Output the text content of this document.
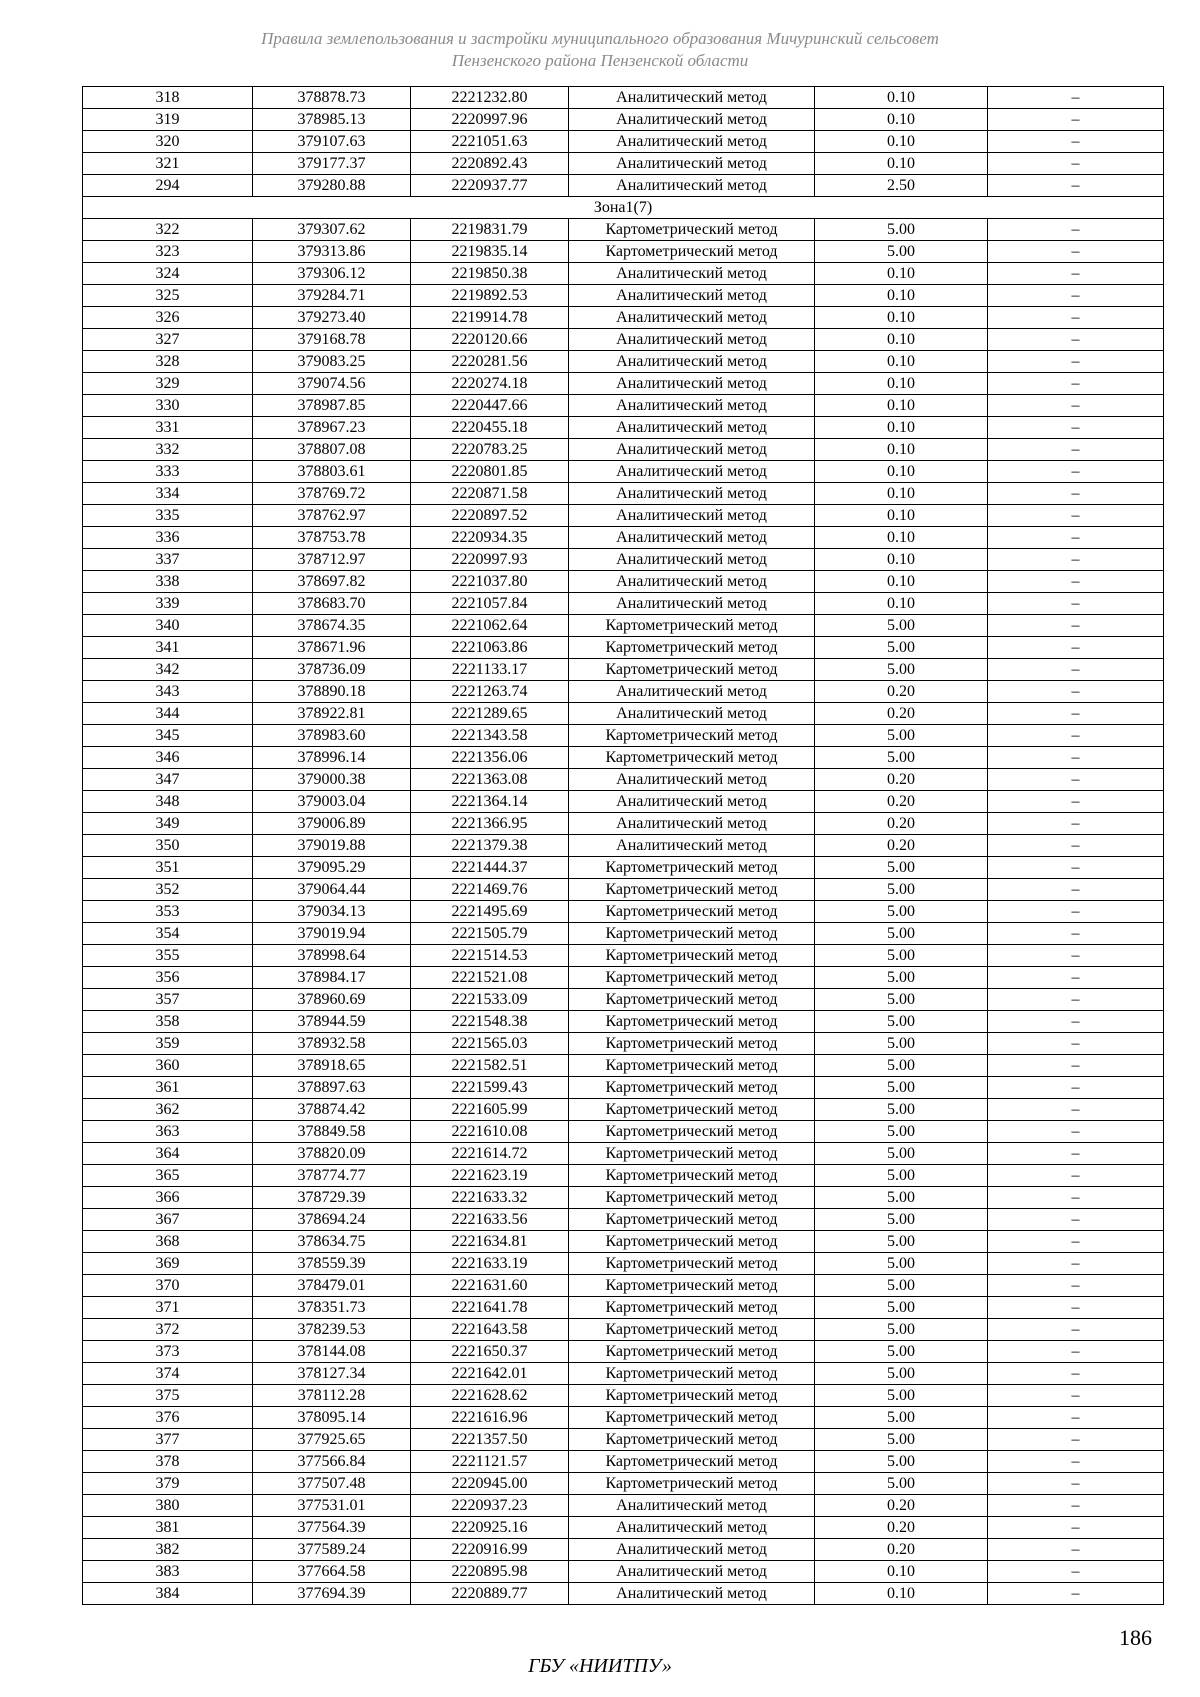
Правила землепользования и застройки муниципального образования Мичуринский сельсовет
Пензенского района Пензенской области
318	378878.73	2221232.80	Аналитический метод	0.10	–
319	378985.13	2220997.96	Аналитический метод	0.10	–
320	379107.63	2221051.63	Аналитический метод	0.10	–
321	379177.37	2220892.43	Аналитический метод	0.10	–
294	379280.88	2220937.77	Аналитический метод	2.50	–
Зона1(7)					
322	379307.62	2219831.79	Картометрический метод	5.00	–
323	379313.86	2219835.14	Картометрический метод	5.00	–
324	379306.12	2219850.38	Аналитический метод	0.10	–
325	379284.71	2219892.53	Аналитический метод	0.10	–
326	379273.40	2219914.78	Аналитический метод	0.10	–
327	379168.78	2220120.66	Аналитический метод	0.10	–
328	379083.25	2220281.56	Аналитический метод	0.10	–
329	379074.56	2220274.18	Аналитический метод	0.10	–
330	378987.85	2220447.66	Аналитический метод	0.10	–
331	378967.23	2220455.18	Аналитический метод	0.10	–
332	378807.08	2220783.25	Аналитический метод	0.10	–
333	378803.61	2220801.85	Аналитический метод	0.10	–
334	378769.72	2220871.58	Аналитический метод	0.10	–
335	378762.97	2220897.52	Аналитический метод	0.10	–
336	378753.78	2220934.35	Аналитический метод	0.10	–
337	378712.97	2220997.93	Аналитический метод	0.10	–
338	378697.82	2221037.80	Аналитический метод	0.10	–
339	378683.70	2221057.84	Аналитический метод	0.10	–
340	378674.35	2221062.64	Картометрический метод	5.00	–
341	378671.96	2221063.86	Картометрический метод	5.00	–
342	378736.09	2221133.17	Картометрический метод	5.00	–
343	378890.18	2221263.74	Аналитический метод	0.20	–
344	378922.81	2221289.65	Аналитический метод	0.20	–
345	378983.60	2221343.58	Картометрический метод	5.00	–
346	378996.14	2221356.06	Картометрический метод	5.00	–
347	379000.38	2221363.08	Аналитический метод	0.20	–
348	379003.04	2221364.14	Аналитический метод	0.20	–
349	379006.89	2221366.95	Аналитический метод	0.20	–
350	379019.88	2221379.38	Аналитический метод	0.20	–
351	379095.29	2221444.37	Картометрический метод	5.00	–
352	379064.44	2221469.76	Картометрический метод	5.00	–
353	379034.13	2221495.69	Картометрический метод	5.00	–
354	379019.94	2221505.79	Картометрический метод	5.00	–
355	378998.64	2221514.53	Картометрический метод	5.00	–
356	378984.17	2221521.08	Картометрический метод	5.00	–
357	378960.69	2221533.09	Картометрический метод	5.00	–
358	378944.59	2221548.38	Картометрический метод	5.00	–
359	378932.58	2221565.03	Картометрический метод	5.00	–
360	378918.65	2221582.51	Картометрический метод	5.00	–
361	378897.63	2221599.43	Картометрический метод	5.00	–
362	378874.42	2221605.99	Картометрический метод	5.00	–
363	378849.58	2221610.08	Картометрический метод	5.00	–
364	378820.09	2221614.72	Картометрический метод	5.00	–
365	378774.77	2221623.19	Картометрический метод	5.00	–
366	378729.39	2221633.32	Картометрический метод	5.00	–
367	378694.24	2221633.56	Картометрический метод	5.00	–
368	378634.75	2221634.81	Картометрический метод	5.00	–
369	378559.39	2221633.19	Картометрический метод	5.00	–
370	378479.01	2221631.60	Картометрический метод	5.00	–
371	378351.73	2221641.78	Картометрический метод	5.00	–
372	378239.53	2221643.58	Картометрический метод	5.00	–
373	378144.08	2221650.37	Картометрический метод	5.00	–
374	378127.34	2221642.01	Картометрический метод	5.00	–
375	378112.28	2221628.62	Картометрический метод	5.00	–
376	378095.14	2221616.96	Картометрический метод	5.00	–
377	377925.65	2221357.50	Картометрический метод	5.00	–
378	377566.84	2221121.57	Картометрический метод	5.00	–
379	377507.48	2220945.00	Картометрический метод	5.00	–
380	377531.01	2220937.23	Аналитический метод	0.20	–
381	377564.39	2220925.16	Аналитический метод	0.20	–
382	377589.24	2220916.99	Аналитический метод	0.20	–
383	377664.58	2220895.98	Аналитический метод	0.10	–
384	377694.39	2220889.77	Аналитический метод	0.10	–
186
ГБУ «НИИТПУ»
